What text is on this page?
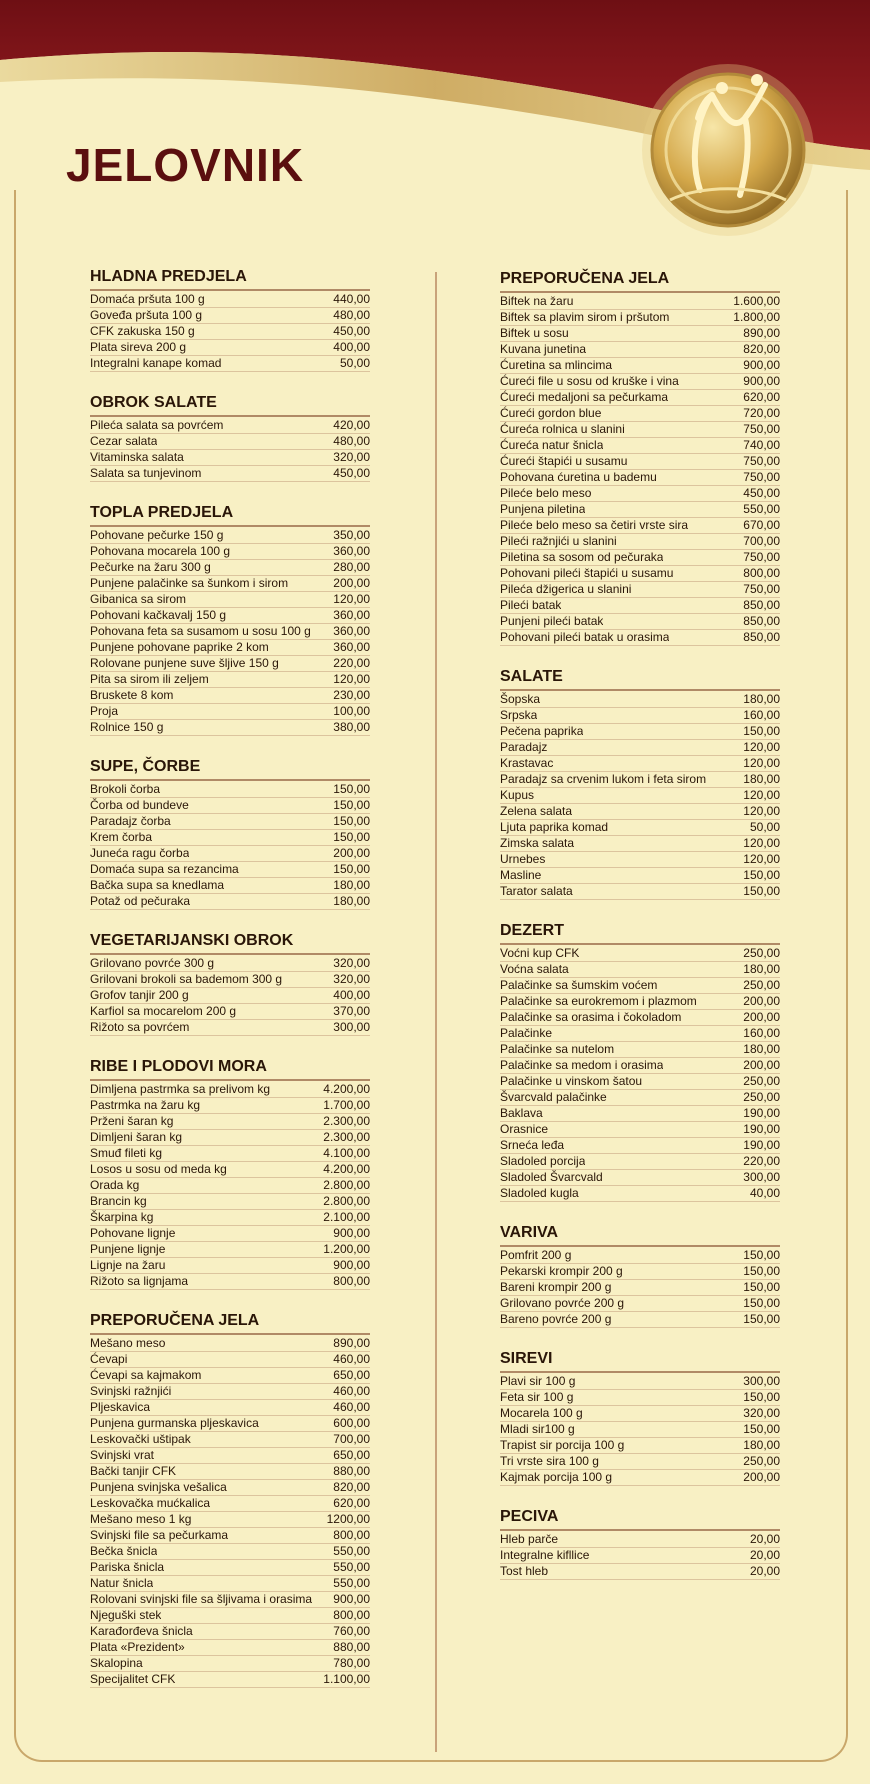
JELOVNIK
HLADNA PREDJELA
Domaća pršuta 100 g	440,00
Goveđa pršuta 100 g	480,00
CFK zakuska 150 g	450,00
Plata sireva 200 g	400,00
Integralni kanape komad	50,00
OBROK SALATE
Pileća salata sa povrćem	420,00
Cezar salata	480,00
Vitaminska salata	320,00
Salata sa tunjevinom	450,00
TOPLA PREDJELA
Pohovane pečurke 150 g	350,00
Pohovana mocarela 100 g	360,00
Pečurke na žaru 300 g	280,00
Punjene palačinke sa šunkom i sirom	200,00
Gibanica sa sirom	120,00
Pohovani kačkavalj 150 g	360,00
Pohovana feta sa susamom u sosu 100 g	360,00
Punjene pohovane paprike 2 kom	360,00
Rolovane punjene suve šljive 150 g	220,00
Pita sa sirom ili zeljem	120,00
Bruskete 8 kom	230,00
Proja	100,00
Rolnice 150 g	380,00
SUPE, ČORBE
Brokoli čorba	150,00
Čorba od bundeve	150,00
Paradajz čorba	150,00
Krem čorba	150,00
Juneća ragu čorba	200,00
Domaća supa sa rezancima	150,00
Bačka supa sa knedlama	180,00
Potaž od pečuraka	180,00
VEGETARIJANSKI OBROK
Grilovano povrće 300 g	320,00
Grilovani brokoli sa bademom 300 g	320,00
Grofov tanjir 200 g	400,00
Karfiol sa mocarelom 200 g	370,00
Rižoto sa povrćem	300,00
RIBE I PLODOVI MORA
Dimljena pastrmka sa prelivom kg	4.200,00
Pastrmka na žaru kg	1.700,00
Prženi šaran kg	2.300,00
Dimljeni šaran kg	2.300,00
Smuđ fileti kg	4.100,00
Losos u sosu od meda kg	4.200,00
Orada kg	2.800,00
Brancin kg	2.800,00
Škarpina kg	2.100,00
Pohovane lignje	900,00
Punjene lignje	1.200,00
Lignje na žaru	900,00
Rižoto sa lignjama	800,00
PREPORUČENA JELA
Mešano meso	890,00
Ćevapi	460,00
Ćevapi sa kajmakom	650,00
Svinjski ražnjići	460,00
Pljeskavica	460,00
Punjena gurmanska pljeskavica	600,00
Leskovački uštipak	700,00
Svinjski vrat	650,00
Bački tanjir CFK	880,00
Punjena svinjska vešalica	820,00
Leskovačka mućkalica	620,00
Mešano meso 1 kg	1200,00
Svinjski file sa pečurkama	800,00
Bečka šnicla	550,00
Pariska šnicla	550,00
Natur šnicla	550,00
Rolovani svinjski file sa šljivama i orasima	900,00
Njeguški stek	800,00
Karađorđeva šnicla	760,00
Plata «Prezident»	880,00
Skalopina	780,00
Specijalitet CFK	1.100,00
PREPORUČENA JELA
Biftek na žaru	1.600,00
Biftek sa plavim sirom i pršutom	1.800,00
Biftek u sosu	890,00
Kuvana junetina	820,00
Ćuretina sa mlincima	900,00
Ćureći file u sosu od kruške i vina	900,00
Ćureći medaljoni sa pečurkama	620,00
Ćureći gordon blue	720,00
Ćureća rolnica u slanini	750,00
Ćureća natur šnicla	740,00
Ćureći štapići u susamu	750,00
Pohovana ćuretina u bademu	750,00
Pileće belo meso	450,00
Punjena piletina	550,00
Pileće belo meso sa četiri vrste sira	670,00
Pileći ražnjići u slanini	700,00
Piletina sa sosom od pečuraka	750,00
Pohovani pileći štapići u susamu	800,00
Pileća džigerica u slanini	750,00
Pileći batak	850,00
Punjeni pileći batak	850,00
Pohovani pileći batak u orasima	850,00
SALATE
Šopska	180,00
Srpska	160,00
Pečena paprika	150,00
Paradajz	120,00
Krastavac	120,00
Paradajz sa crvenim lukom i feta sirom	180,00
Kupus	120,00
Zelena salata	120,00
Ljuta paprika komad	50,00
Zimska salata	120,00
Urnebes	120,00
Masline	150,00
Tarator salata	150,00
DEZERT
Voćni kup CFK	250,00
Voćna salata	180,00
Palačinke sa šumskim voćem	250,00
Palačinke sa eurokremom i plazmom	200,00
Palačinke sa orasima i čokoladom	200,00
Palačinke	160,00
Palačinke sa nutelom	180,00
Palačinke sa medom i orasima	200,00
Palačinke u vinskom šatou	250,00
Švarcvald palačinke	250,00
Baklava	190,00
Orasnice	190,00
Srneća leđa	190,00
Sladoled porcija	220,00
Sladoled Švarcvald	300,00
Sladoled kugla	40,00
VARIVA
Pomfrit 200 g	150,00
Pekarski krompir 200 g	150,00
Bareni krompir 200 g	150,00
Grilovano povrće 200 g	150,00
Bareno povrće 200 g	150,00
SIREVI
Plavi sir 100 g	300,00
Feta sir 100 g	150,00
Mocarela 100 g	320,00
Mladi sir100 g	150,00
Trapist sir porcija 100 g	180,00
Tri vrste sira 100 g	250,00
Kajmak porcija 100 g	200,00
PECIVA
Hleb parče	20,00
Integralne kifllice	20,00
Tost hleb	20,00
